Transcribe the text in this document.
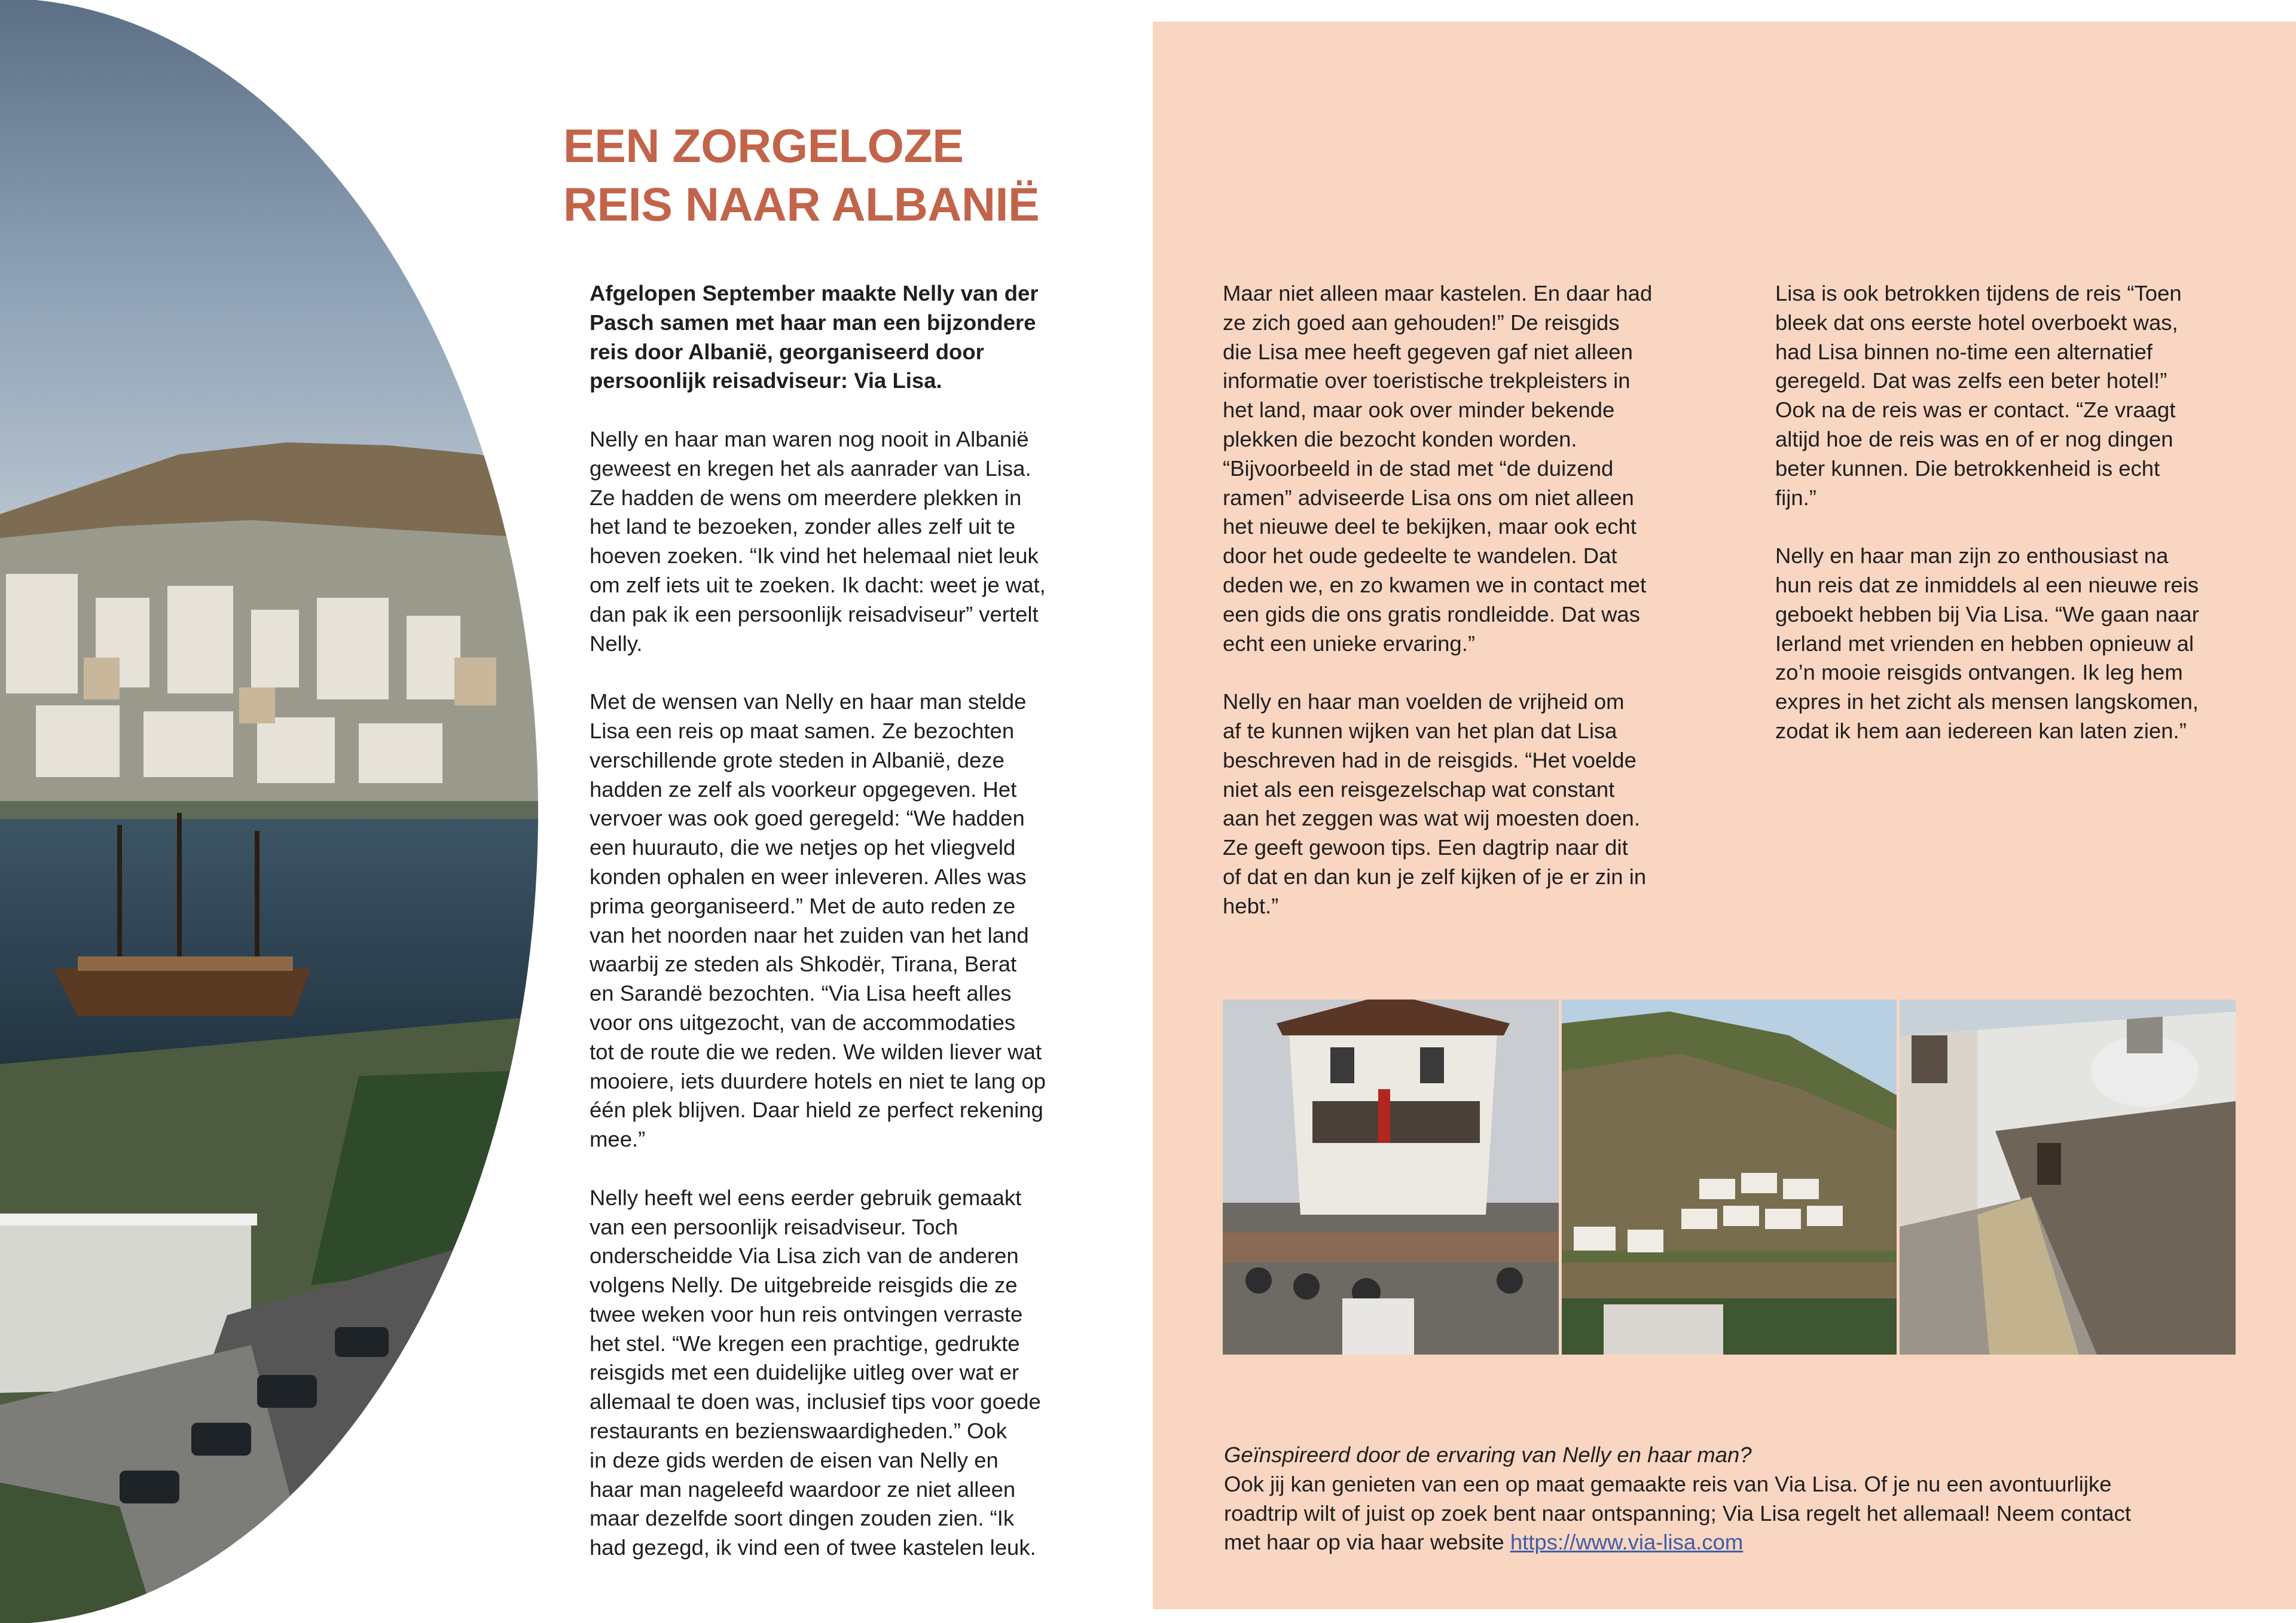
EEN ZORGELOZE
REIS NAAR ALBANIË

Afgelopen September maakte Nelly van der
Pasch samen met haar man een bijzondere
reis door Albanië, georganiseerd door
persoonlijk reisadviseur: Via Lisa.

Nelly en haar man waren nog nooit in Albanië
geweest en kregen het als aanrader van Lisa.
Ze hadden de wens om meerdere plekken in
het land te bezoeken, zonder alles zelf uit te
hoeven zoeken. “Ik vind het helemaal niet leuk
om zelf iets uit te zoeken. Ik dacht: weet je wat,
dan pak ik een persoonlijk reisadviseur” vertelt
Nelly.

Met de wensen van Nelly en haar man stelde
Lisa een reis op maat samen. Ze bezochten
verschillende grote steden in Albanië, deze
hadden ze zelf als voorkeur opgegeven. Het
vervoer was ook goed geregeld: “We hadden
een huurauto, die we netjes op het vliegveld
konden ophalen en weer inleveren. Alles was
prima georganiseerd.” Met de auto reden ze
van het noorden naar het zuiden van het land
waarbij ze steden als Shkodër, Tirana, Berat
en Sarandë bezochten. “Via Lisa heeft alles
voor ons uitgezocht, van de accommodaties
tot de route die we reden. We wilden liever wat
mooiere, iets duurdere hotels en niet te lang op
één plek blijven. Daar hield ze perfect rekening
mee.”

Nelly heeft wel eens eerder gebruik gemaakt
van een persoonlijk reisadviseur. Toch
onderscheidde Via Lisa zich van de anderen
volgens Nelly. De uitgebreide reisgids die ze
twee weken voor hun reis ontvingen verraste
het stel. “We kregen een prachtige, gedrukte
reisgids met een duidelijke uitleg over wat er
allemaal te doen was, inclusief tips voor goede
restaurants en bezienswaardigheden.” Ook
in deze gids werden de eisen van Nelly en
haar man nageleefd waardoor ze niet alleen
maar dezelfde soort dingen zouden zien. “Ik
had gezegd, ik vind een of twee kastelen leuk.

Maar niet alleen maar kastelen. En daar had
ze zich goed aan gehouden!” De reisgids
die Lisa mee heeft gegeven gaf niet alleen
informatie over toeristische trekpleisters in
het land, maar ook over minder bekende
plekken die bezocht konden worden.
“Bijvoorbeeld in de stad met “de duizend
ramen” adviseerde Lisa ons om niet alleen
het nieuwe deel te bekijken, maar ook echt
door het oude gedeelte te wandelen. Dat
deden we, en zo kwamen we in contact met
een gids die ons gratis rondleidde. Dat was
echt een unieke ervaring.”

Nelly en haar man voelden de vrijheid om
af te kunnen wijken van het plan dat Lisa
beschreven had in de reisgids. “Het voelde
niet als een reisgezelschap wat constant
aan het zeggen was wat wij moesten doen.
Ze geeft gewoon tips. Een dagtrip naar dit
of dat en dan kun je zelf kijken of je er zin in
hebt.”

Lisa is ook betrokken tijdens de reis “Toen
bleek dat ons eerste hotel overboekt was,
had Lisa binnen no-time een alternatief
geregeld. Dat was zelfs een beter hotel!”
Ook na de reis was er contact. “Ze vraagt
altijd hoe de reis was en of er nog dingen
beter kunnen. Die betrokkenheid is echt
fijn.”

Nelly en haar man zijn zo enthousiast na
hun reis dat ze inmiddels al een nieuwe reis
geboekt hebben bij Via Lisa. “We gaan naar
Ierland met vrienden en hebben opnieuw al
zo’n mooie reisgids ontvangen. Ik leg hem
expres in het zicht als mensen langskomen,
zodat ik hem aan iedereen kan laten zien.”

Geïnspireerd door de ervaring van Nelly en haar man?
Ook jij kan genieten van een op maat gemaakte reis van Via Lisa. Of je nu een avontuurlijke
roadtrip wilt of juist op zoek bent naar ontspanning; Via Lisa regelt het allemaal! Neem contact
met haar op via haar website https://www.via-lisa.com
